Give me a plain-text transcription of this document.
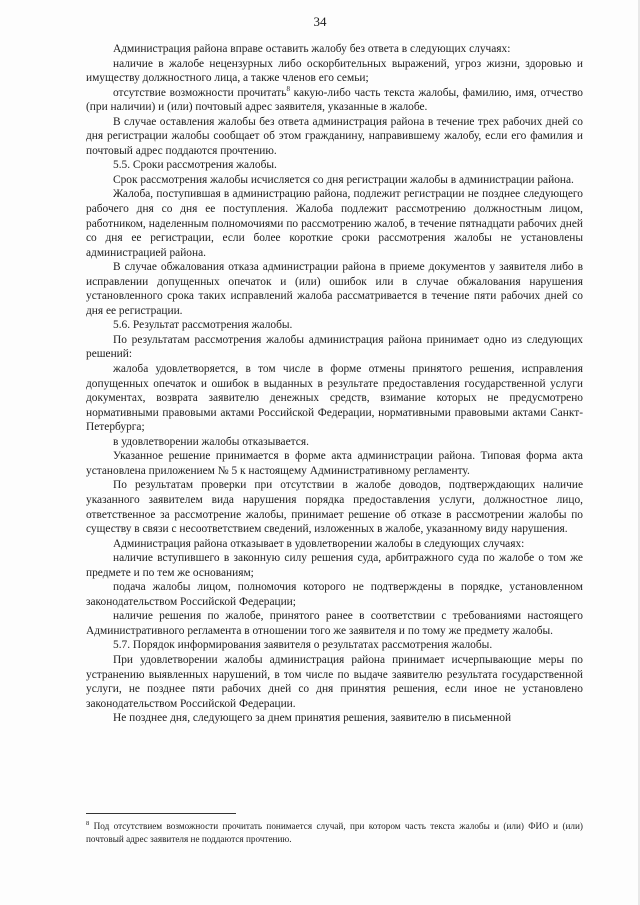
34

Администрация района вправе оставить жалобу без ответа в следующих случаях:

наличие в жалобе нецензурных либо оскорбительных выражений, угроз жизни, здоровью и имуществу должностного лица, а также членов его семьи;

отсутствие возможности прочитать$^8$ какую-либо часть текста жалобы, фамилию, имя, отчество (при наличии) и (или) почтовый адрес заявителя, указанные в жалобе.

В случае оставления жалобы без ответа администрация района в течение трех рабочих дней со дня регистрации жалобы сообщает об этом гражданину, направившему жалобу, если его фамилия и почтовый адрес поддаются прочтению.

5.5. Сроки рассмотрения жалобы.

Срок рассмотрения жалобы исчисляется со дня регистрации жалобы в администрации района.

Жалоба, поступившая в администрацию района, подлежит регистрации не позднее следующего рабочего дня со дня ее поступления. Жалоба подлежит рассмотрению должностным лицом, работником, наделенным полномочиями по рассмотрению жалоб, в течение пятнадцати рабочих дней со дня ее регистрации, если более короткие сроки рассмотрения жалобы не установлены администрацией района.

В случае обжалования отказа администрации района в приеме документов у заявителя либо в исправлении допущенных опечаток и (или) ошибок или в случае обжалования нарушения установленного срока таких исправлений жалоба рассматривается в течение пяти рабочих дней со дня ее регистрации.

5.6. Результат рассмотрения жалобы.

По результатам рассмотрения жалобы администрация района принимает одно из следующих решений:

жалоба удовлетворяется, в том числе в форме отмены принятого решения, исправления допущенных опечаток и ошибок в выданных в результате предоставления государственной услуги документах, возврата заявителю денежных средств, взимание которых не предусмотрено нормативными правовыми актами Российской Федерации, нормативными правовыми актами Санкт-Петербурга;

в удовлетворении жалобы отказывается.

Указанное решение принимается в форме акта администрации района. Типовая форма акта установлена приложением № 5 к настоящему Административному регламенту.

По результатам проверки при отсутствии в жалобе доводов, подтверждающих наличие указанного заявителем вида нарушения порядка предоставления услуги, должностное лицо, ответственное за рассмотрение жалобы, принимает решение об отказе в рассмотрении жалобы по существу в связи с несоответствием сведений, изложенных в жалобе, указанному виду нарушения.

Администрация района отказывает в удовлетворении жалобы в следующих случаях:

наличие вступившего в законную силу решения суда, арбитражного суда по жалобе о том же предмете и по тем же основаниям;

подача жалобы лицом, полномочия которого не подтверждены в порядке, установленном законодательством Российской Федерации;

наличие решения по жалобе, принятого ранее в соответствии с требованиями настоящего Административного регламента в отношении того же заявителя и по тому же предмету жалобы.

5.7. Порядок информирования заявителя о результатах рассмотрения жалобы.

При удовлетворении жалобы администрация района принимает исчерпывающие меры по устранению выявленных нарушений, в том числе по выдаче заявителю результата государственной услуги, не позднее пяти рабочих дней со дня принятия решения, если иное не установлено законодательством Российской Федерации.

Не позднее дня, следующего за днем принятия решения, заявителю в письменной

$^8$ Под отсутствием возможности прочитать понимается случай, при котором часть текста жалобы и (или) ФИО и (или) почтовый адрес заявителя не поддаются прочтению.
